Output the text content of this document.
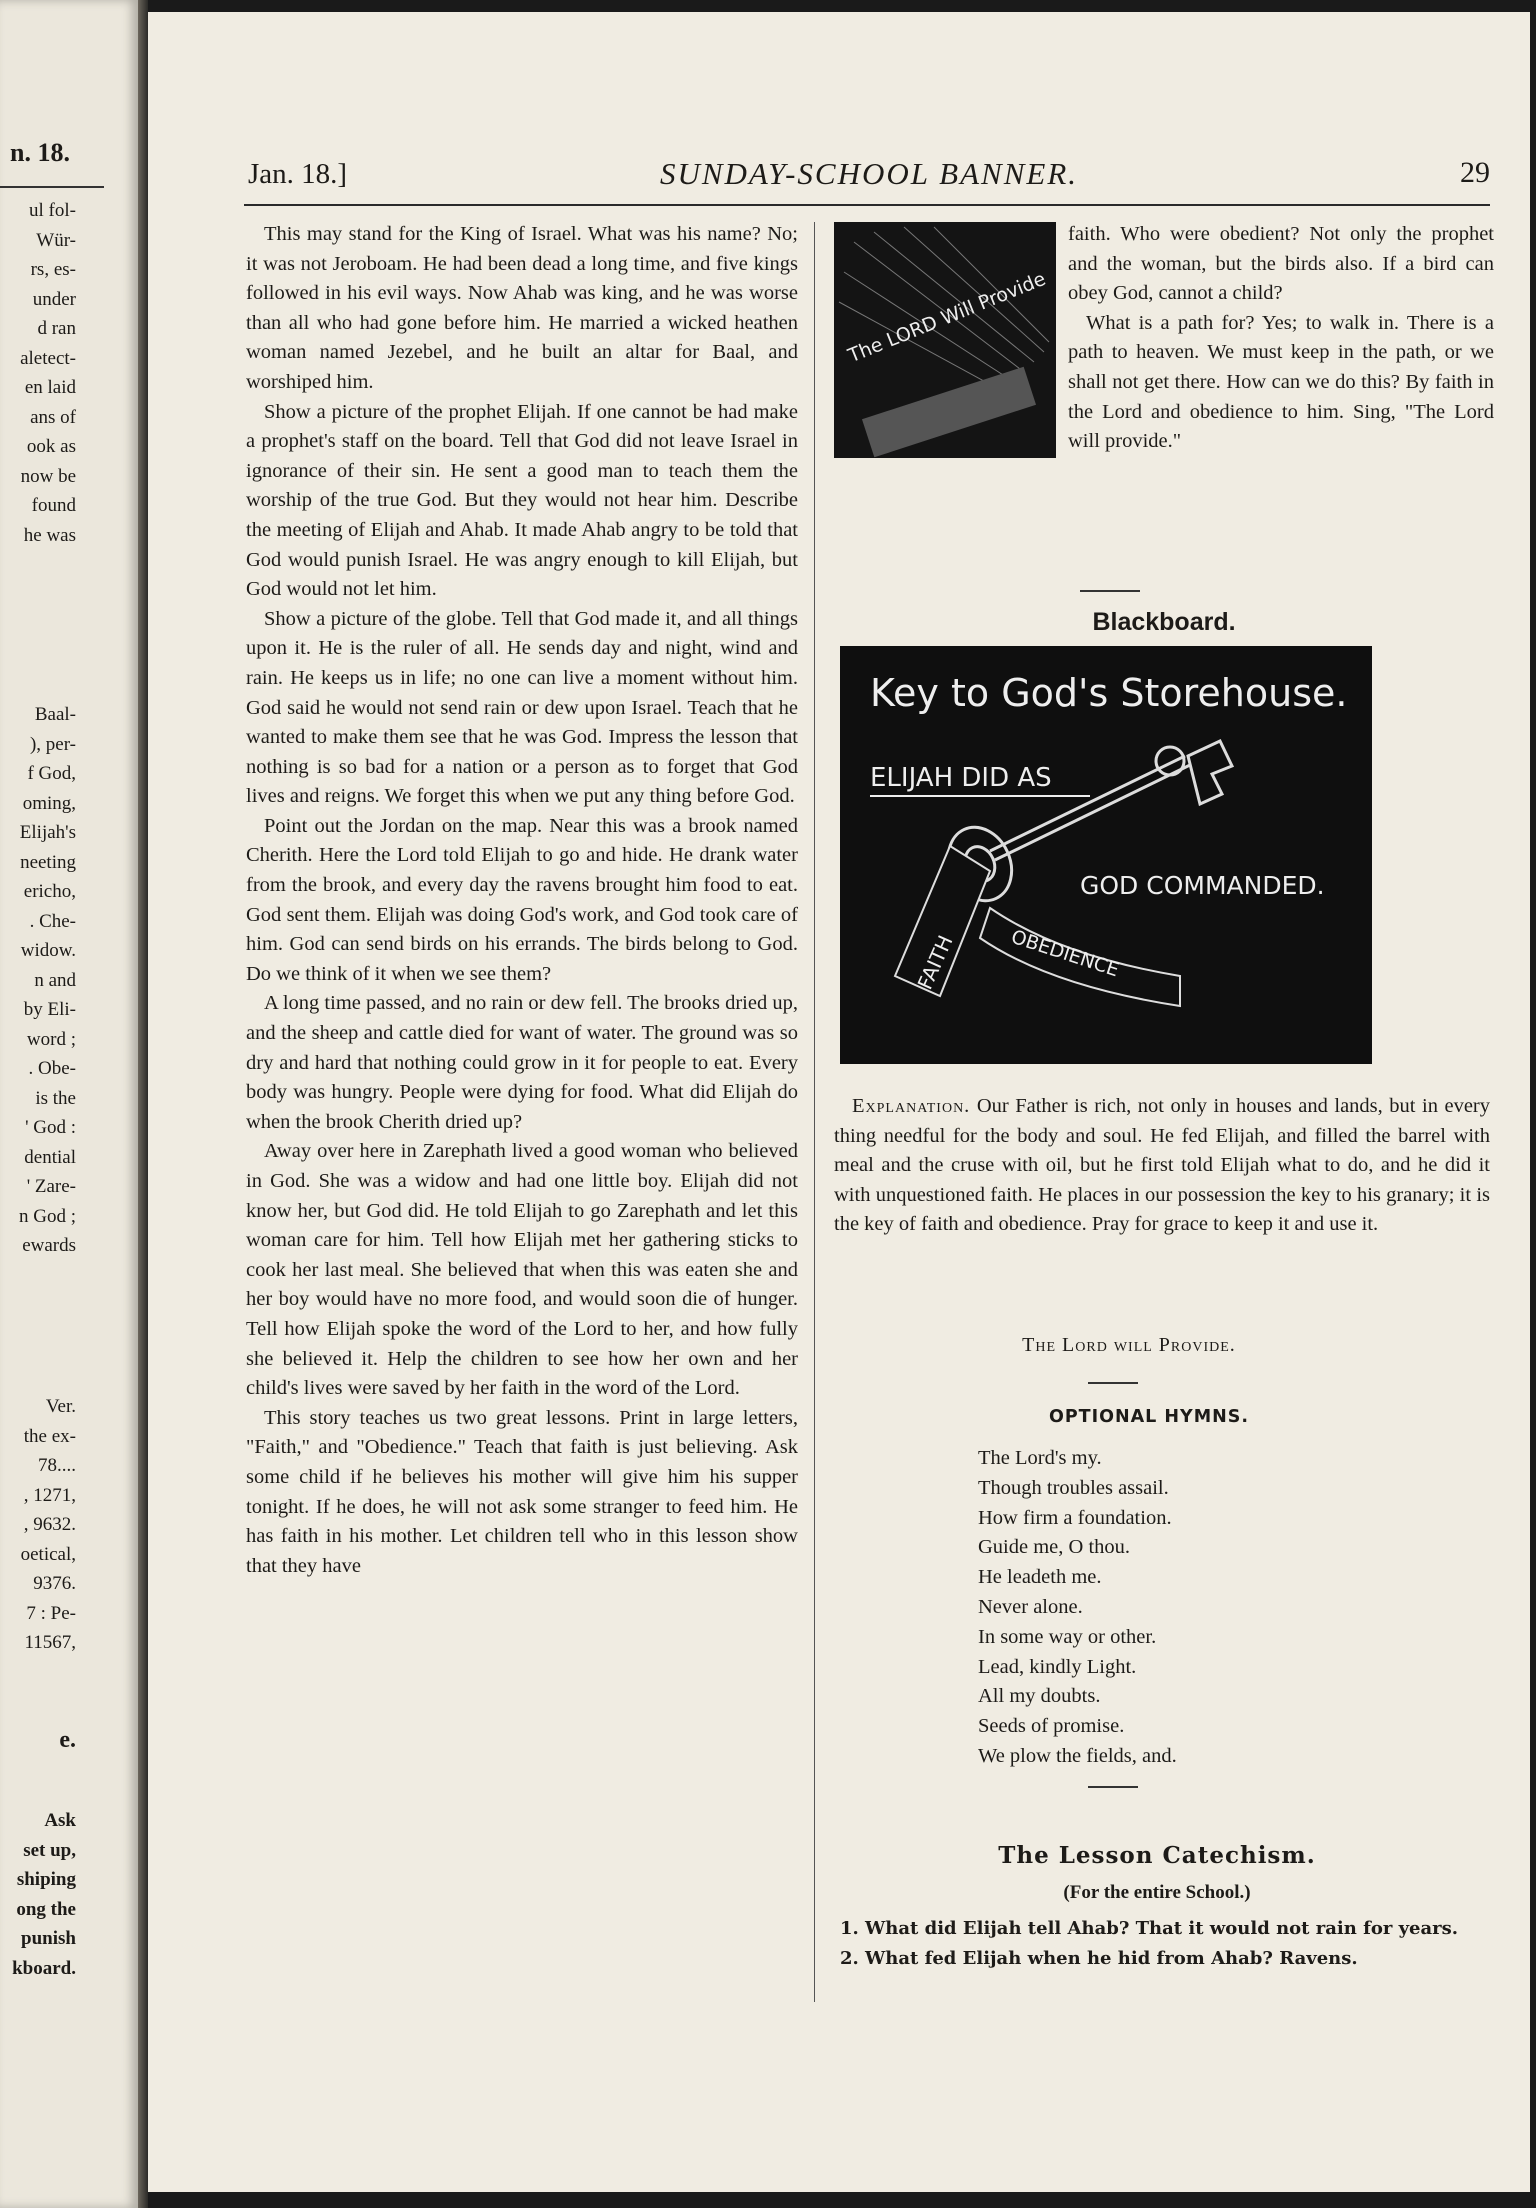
n. 18.
ul fol-
Wür-
rs, es-
under
d ran
aletect-
en laid
ans of
ook as
now be
found
he was
Baal-
), per-
f God,
oming,
Elijah's
neeting
ericho,
. Che-
widow.
n and
by Eli-
word ;
. Obe-
is the
' God :
dential
' Zare-
n God ;
ewards
Ver.
the ex-
78....
, 1271,
, 9632.
oetical,
9376.
7 : Pe-
11567,
e.
Ask
set up,
shiping
ong the
punish
kboard.
Jan. 18.]	SUNDAY-SCHOOL BANNER.	29

This may stand for the King of Israel. What was his name? No; it was not Jeroboam. He had been dead a long time, and five kings followed in his evil ways. Now Ahab was king, and he was worse than all who had gone before him. He married a wicked heathen woman named Jezebel, and he built an altar for Baal, and worshiped him.

Show a picture of the prophet Elijah. If one cannot be had make a prophet's staff on the board. Tell that God did not leave Israel in ignorance of their sin. He sent a good man to teach them the worship of the true God. But they would not hear him. Describe the meeting of Elijah and Ahab. It made Ahab angry to be told that God would punish Israel. He was angry enough to kill Elijah, but God would not let him.

Show a picture of the globe. Tell that God made it, and all things upon it. He is the ruler of all. He sends day and night, wind and rain. He keeps us in life; no one can live a moment without him. God said he would not send rain or dew upon Israel. Teach that he wanted to make them see that he was God. Impress the lesson that nothing is so bad for a nation or a person as to forget that God lives and reigns. We forget this when we put any thing before God.

Point out the Jordan on the map. Near this was a brook named Cherith. Here the Lord told Elijah to go and hide. He drank water from the brook, and every day the ravens brought him food to eat. God sent them. Elijah was doing God's work, and God took care of him. God can send birds on his errands. The birds belong to God. Do we think of it when we see them?

A long time passed, and no rain or dew fell. The brooks dried up, and the sheep and cattle died for want of water. The ground was so dry and hard that nothing could grow in it for people to eat. Every body was hungry. People were dying for food. What did Elijah do when the brook Cherith dried up?

Away over here in Zarephath lived a good woman who believed in God. She was a widow and had one little boy. Elijah did not know her, but God did. He told Elijah to go Zarephath and let this woman care for him. Tell how Elijah met her gathering sticks to cook her last meal. She believed that when this was eaten she and her boy would have no more food, and would soon die of hunger. Tell how Elijah spoke the word of the Lord to her, and how fully she believed it. Help the children to see how her own and her child's lives were saved by her faith in the word of the Lord.

This story teaches us two great lessons. Print in large letters, "Faith," and "Obedience." Teach that faith is just believing. Ask some child if he believes his mother will give him his supper tonight. If he does, he will not ask some stranger to feed him. He has faith in his mother. Let children tell who in this lesson show that they have

The LORD Will Provide

faith. Who were obedient? Not only the prophet and the woman, but the birds also. If a bird can obey God, cannot a child?

What is a path for? Yes; to walk in. There is a path to heaven. We must keep in the path, or we shall not get there. How can we do this? By faith in the Lord and obedience to him. Sing, "The Lord will provide."

Blackboard.
Key to God's Storehouse.
ELIJAH DID AS
GOD COMMANDED.
FAITH	OBEDIENCE

Explanation. Our Father is rich, not only in houses and lands, but in every thing needful for the body and soul. He fed Elijah, and filled the barrel with meal and the cruse with oil, but he first told Elijah what to do, and he did it with unquestioned faith. He places in our possession the key to his granary; it is the key of faith and obedience. Pray for grace to keep it and use it.

The Lord will Provide.
OPTIONAL HYMNS.
The Lord's my.
Though troubles assail.
How firm a foundation.
Guide me, O thou.
He leadeth me.
Never alone.
In some way or other.
Lead, kindly Light.
All my doubts.
Seeds of promise.
We plow the fields, and.
The Lesson Catechism.
(For the entire School.)
1. What did Elijah tell Ahab? That it would not rain for years.
2. What fed Elijah when he hid from Ahab? Ravens.
